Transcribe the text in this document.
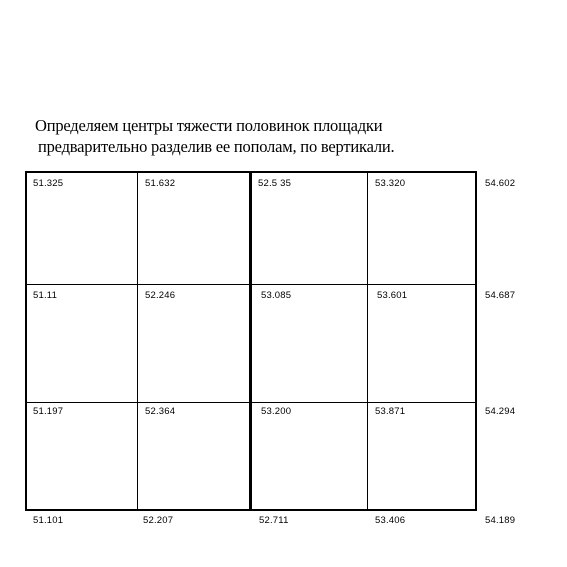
Определяем центры тяжести половинок площадки
предварительно разделив ее пополам, по вертикали.
51.325	51.632	52.5 35	53.320	54.602
51.11	52.246	53.085	53.601	54.687
51.197	52.364	53.200	53.871	54.294
51.101	52.207	52.711	53.406	54.189
